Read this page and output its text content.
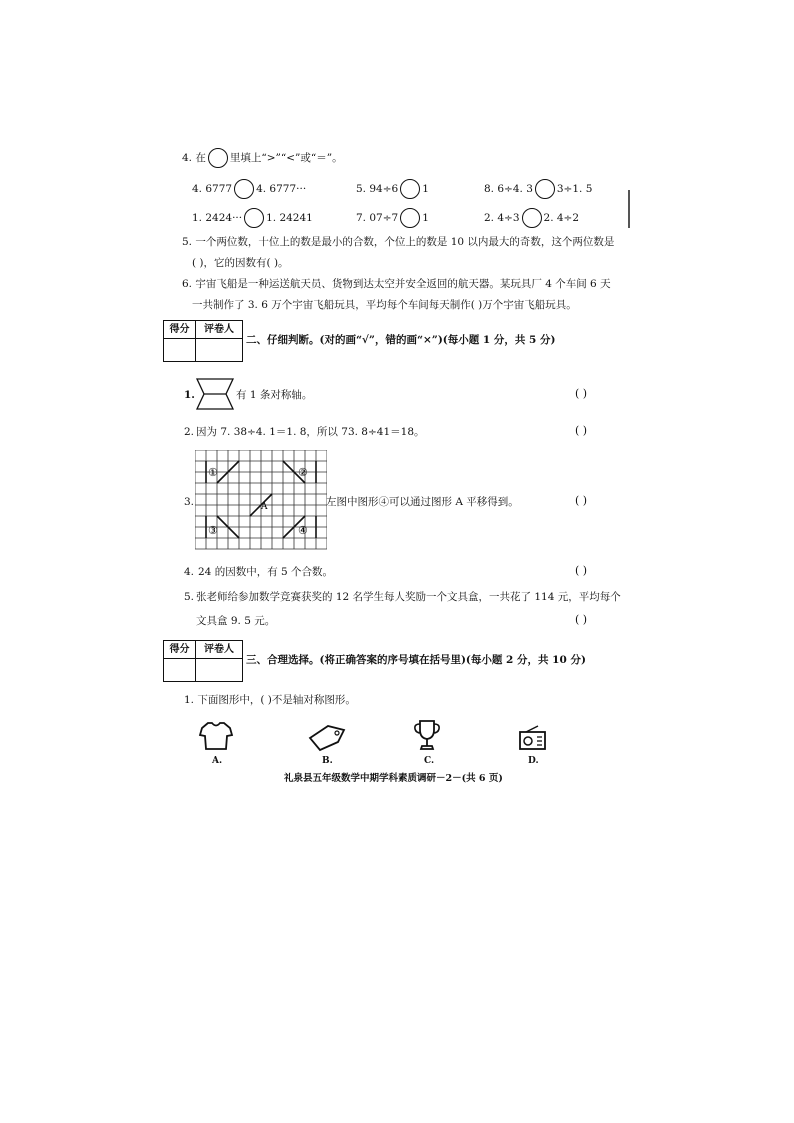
4. 在 里填上“>”“<”或“＝”。
4. 6777 4. 6777···	5. 94÷6 1	8. 6÷4. 3 3÷1. 5
1. 2424··· 1. 24241	7. 07÷7 1	2. 4÷3 2. 4÷2
5. 一个两位数，十位上的数是最小的合数，个位上的数是 10 以内最大的奇数，这个两位数是
( )，它的因数有( )。
6. 宇宙飞船是一种运送航天员、货物到达太空并安全返回的航天器。某玩具厂 4 个车间 6 天
一共制作了 3. 6 万个宇宙飞船玩具，平均每个车间每天制作( )万个宇宙飞船玩具。
得分	评卷人
二、仔细判断。(对的画“√”，错的画“×”)(每小题 1 分，共 5 分)
1.	有 1 条对称轴。	( )
2. 因为 7. 38÷4. 1＝1. 8，所以 73. 8÷41＝18。	( )
3.
①	②
③	④
A	左图中图形④可以通过图形 A 平移得到。	( )
4. 24 的因数中，有 5 个合数。	( )
5. 张老师给参加数学竞赛获奖的 12 名学生每人奖励一个文具盒，一共花了 114 元，平均每个
文具盒 9. 5 元。	( )
得分	评卷人
三、合理选择。(将正确答案的序号填在括号里)(每小题 2 分，共 10 分)
1. 下面图形中，( )不是轴对称图形。
A.	B.	C.	D.
礼泉县五年级数学中期学科素质调研－2－(共 6 页)
